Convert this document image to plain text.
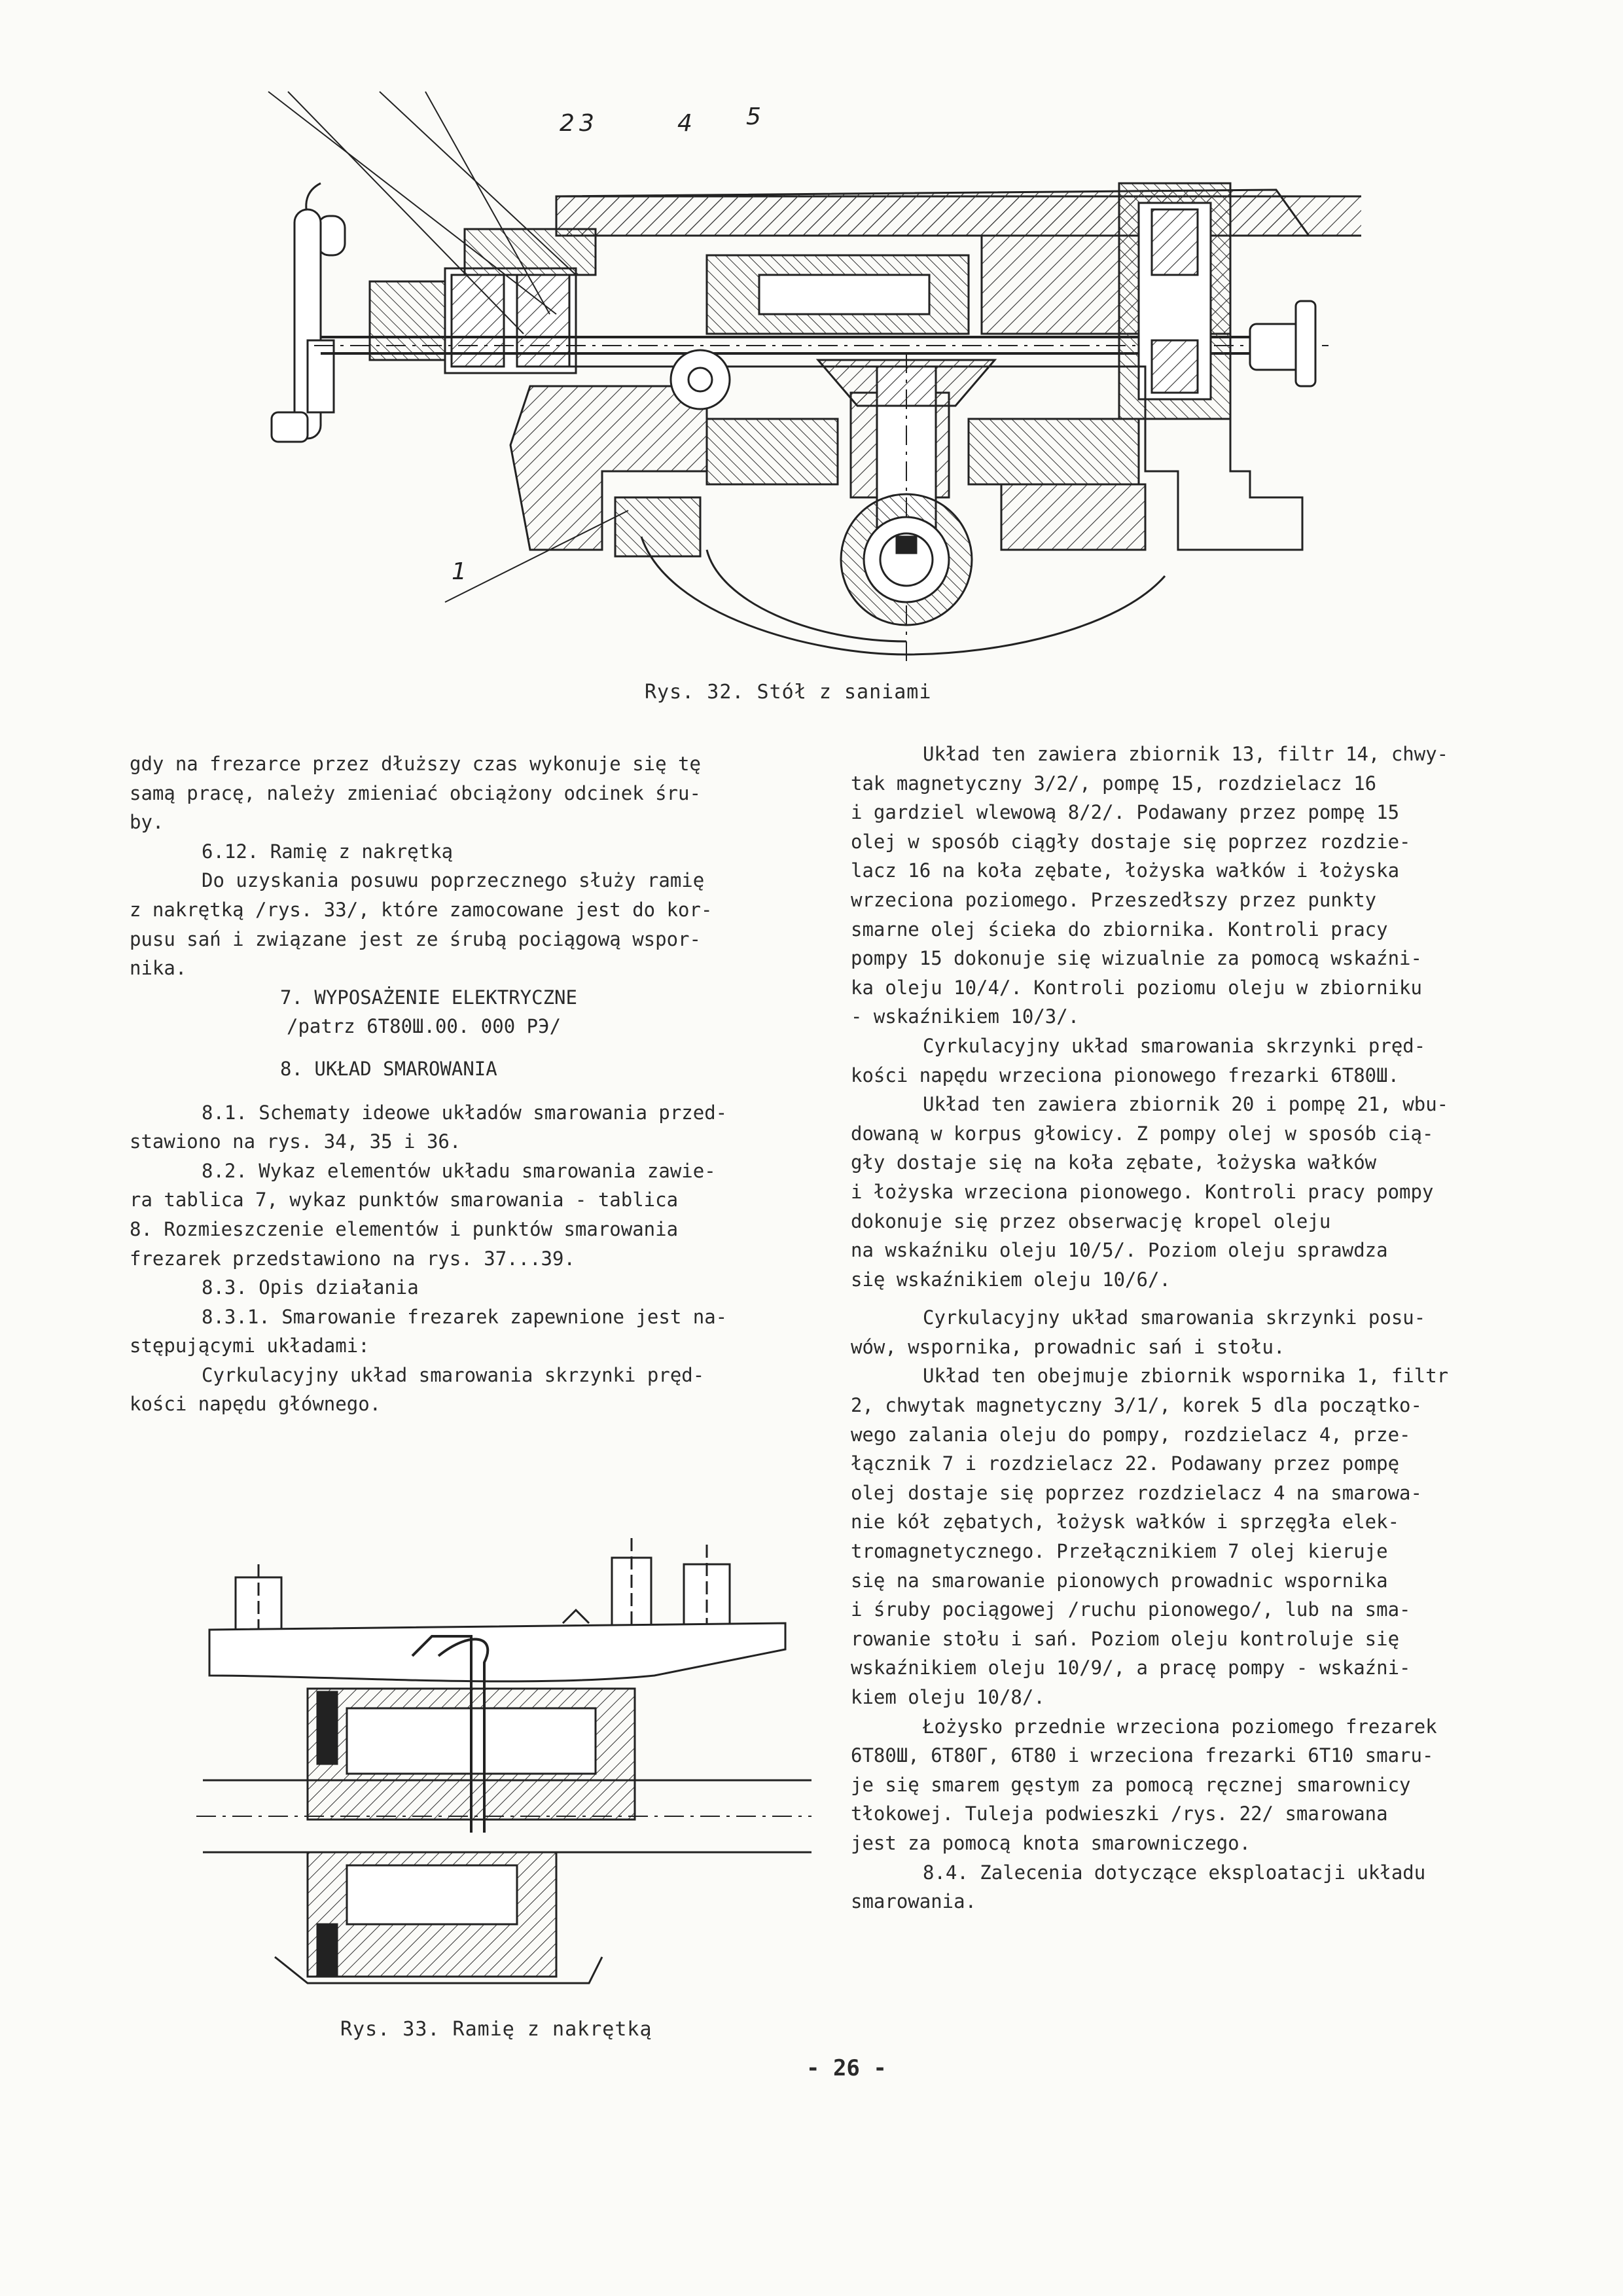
2 3	4 5
1
Rys. 32. Stół z saniami

gdy na frezarce przez dłuższy czas wykonuje się tę

samą pracę, należy zmieniać obciążony odcinek śru-

by.

6.12. Ramię z nakrętką

Do uzyskania posuwu poprzecznego służy ramię

z nakrętką /rys. 33/, które zamocowane jest do kor-

pusu sań i związane jest ze śrubą pociągową wspor-

nika.

7. WYPOSAŻENIE ELEKTRYCZNE

/patrz 6T80Ш.00. 000 РЭ/

8. UKŁAD SMAROWANIA

8.1. Schematy ideowe układów smarowania przed-

stawiono na rys. 34, 35 i 36.

8.2. Wykaz elementów układu smarowania zawie-

ra tablica 7, wykaz punktów smarowania - tablica

8. Rozmieszczenie elementów i punktów smarowania

frezarek przedstawiono na rys. 37...39.

8.3. Opis działania

8.3.1. Smarowanie frezarek zapewnione jest na-

stępującymi układami:

Cyrkulacyjny układ smarowania skrzynki pręd-

kości napędu głównego.

Rys. 33. Ramię z nakrętką

Układ ten zawiera zbiornik 13, filtr 14, chwy-

tak magnetyczny 3/2/, pompę 15, rozdzielacz 16

i gardziel wlewową 8/2/. Podawany przez pompę 15

olej w sposób ciągły dostaje się poprzez rozdzie-

lacz 16 na koła zębate, łożyska wałków i łożyska

wrzeciona poziomego. Przeszedłszy przez punkty

smarne olej ścieka do zbiornika. Kontroli pracy

pompy 15 dokonuje się wizualnie za pomocą wskaźni-

ka oleju 10/4/. Kontroli poziomu oleju w zbiorniku

- wskaźnikiem 10/3/.

Cyrkulacyjny układ smarowania skrzynki pręd-

kości napędu wrzeciona pionowego frezarki 6T80Ш.

Układ ten zawiera zbiornik 20 i pompę 21, wbu-

dowaną w korpus głowicy. Z pompy olej w sposób cią-

gły dostaje się na koła zębate, łożyska wałków

i łożyska wrzeciona pionowego. Kontroli pracy pompy

dokonuje się przez obserwację kropel oleju

na wskaźniku oleju 10/5/. Poziom oleju sprawdza

się wskaźnikiem oleju 10/6/.

Cyrkulacyjny układ smarowania skrzynki posu-

wów, wspornika, prowadnic sań i stołu.

Układ ten obejmuje zbiornik wspornika 1, filtr

2, chwytak magnetyczny 3/1/, korek 5 dla początko-

wego zalania oleju do pompy, rozdzielacz 4, prze-

łącznik 7 i rozdzielacz 22. Podawany przez pompę

olej dostaje się poprzez rozdzielacz 4 na smarowa-

nie kół zębatych, łożysk wałków i sprzęgła elek-

tromagnetycznego. Przełącznikiem 7 olej kieruje

się na smarowanie pionowych prowadnic wspornika

i śruby pociągowej /ruchu pionowego/, lub na sma-

rowanie stołu i sań. Poziom oleju kontroluje się

wskaźnikiem oleju 10/9/, a pracę pompy - wskaźni-

kiem oleju 10/8/.

Łożysko przednie wrzeciona poziomego frezarek

6T80Ш, 6T80Г, 6T80 i wrzeciona frezarki 6T10 smaru-

je się smarem gęstym za pomocą ręcznej smarownicy

tłokowej. Tuleja podwieszki /rys. 22/ smarowana

jest za pomocą knota smarowniczego.

8.4. Zalecenia dotyczące eksploatacji układu

smarowania.

- 26 -
